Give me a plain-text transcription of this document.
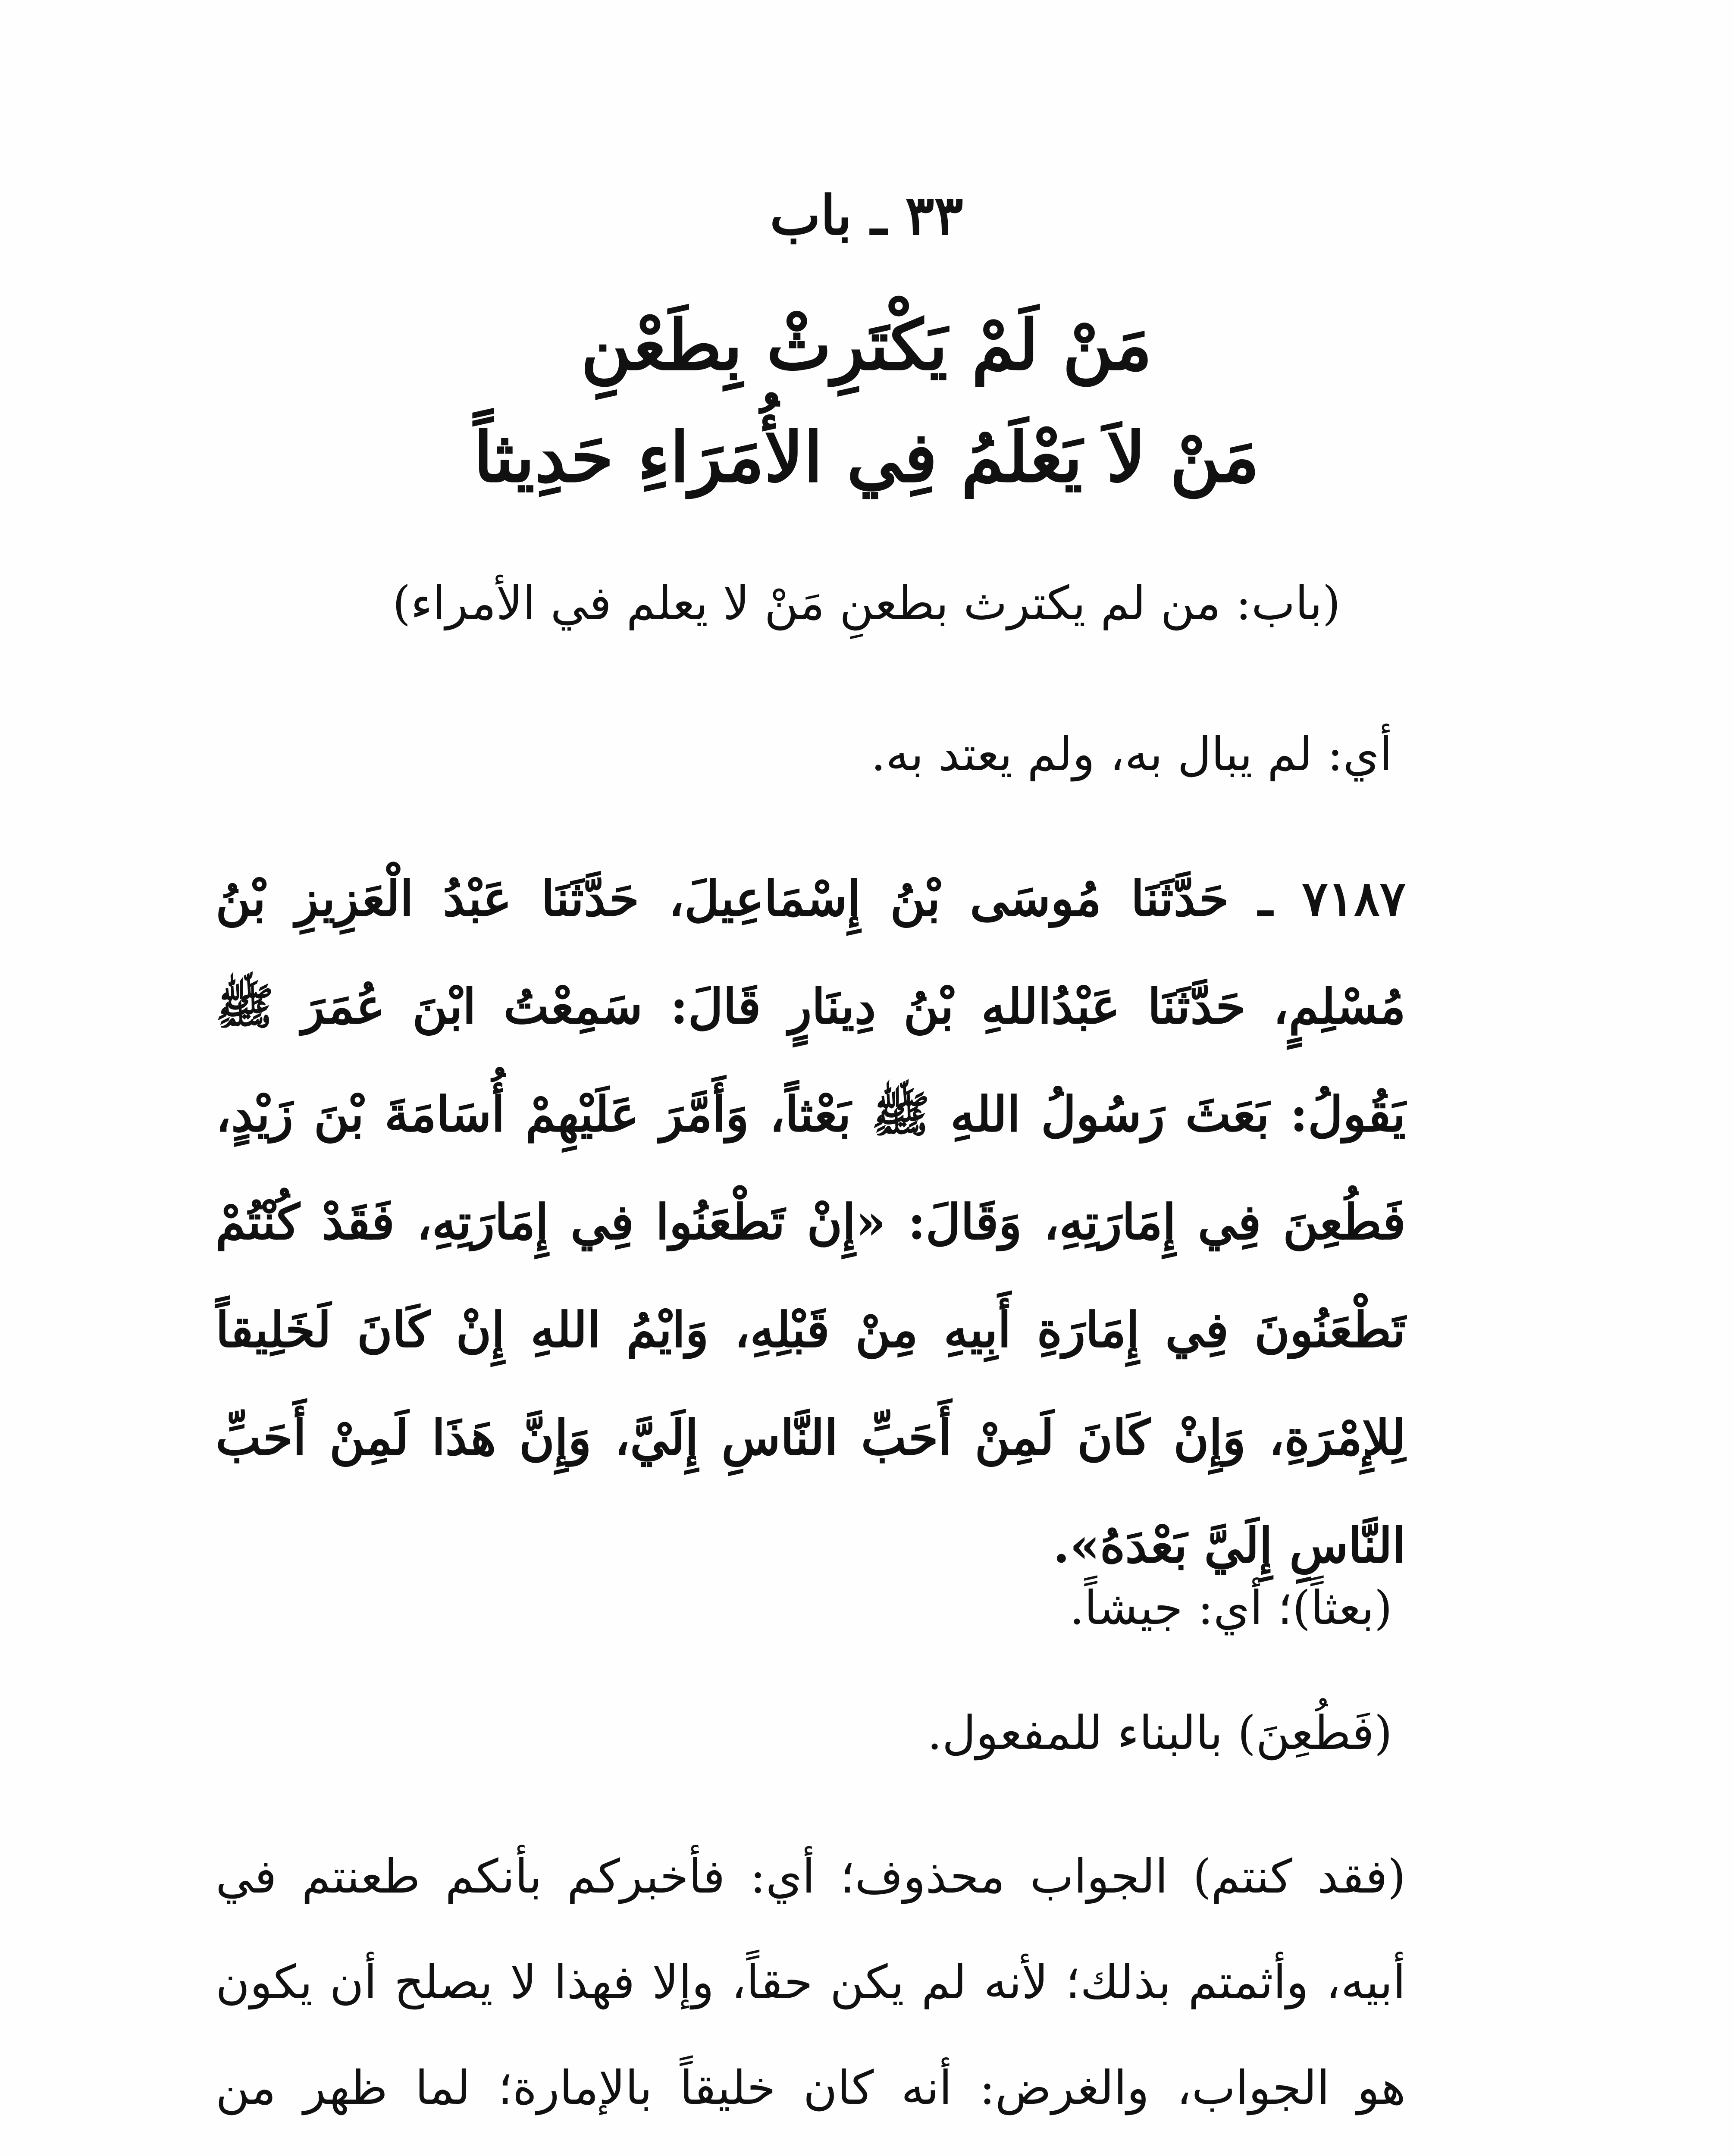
٣٣ ـ باب
مَنْ لَمْ يَكْتَرِثْ بِطَعْنِ
مَنْ لاَ يَعْلَمُ فِي الأُمَرَاءِ حَدِيثاً
(باب: من لم يكترث بطعنِ مَنْ لا يعلم في الأمراء)
أي: لم يبال به، ولم يعتد به.
٧١٨٧ ـ حَدَّثَنَا مُوسَى بْنُ إِسْمَاعِيلَ، حَدَّثَنَا عَبْدُ الْعَزِيزِ بْنُ مُسْلِمٍ، حَدَّثَنَا عَبْدُاللهِ بْنُ دِينَارٍ قَالَ: سَمِعْتُ ابْنَ عُمَرَ ﷺ يَقُولُ: بَعَثَ رَسُولُ اللهِ ﷺ بَعْثاً، وَأَمَّرَ عَلَيْهِمْ أُسَامَةَ بْنَ زَيْدٍ، فَطُعِنَ فِي إِمَارَتِهِ، وَقَالَ: «إِنْ تَطْعَنُوا فِي إِمَارَتِهِ، فَقَدْ كُنْتُمْ تَطْعَنُونَ فِي إِمَارَةِ أَبِيهِ مِنْ قَبْلِهِ، وَايْمُ اللهِ إِنْ كَانَ لَخَلِيقاً لِلإِمْرَةِ، وَإِنْ كَانَ لَمِنْ أَحَبِّ النَّاسِ إِلَيَّ، وَإِنَّ هَذَا لَمِنْ أَحَبِّ النَّاسِ إِلَيَّ بَعْدَهُ».
(بعثاً)؛ أي: جيشاً.
(فَطُعِنَ) بالبناء للمفعول.
(فقد كنتم) الجواب محذوف؛ أي: فأخبركم بأنكم طعنتم في أبيه، وأثمتم بذلك؛ لأنه لم يكن حقاً، وإلا فهذا لا يصلح أن يكون هو الجواب، والغرض: أنه كان خليقاً بالإمارة؛ لما ظهر من
